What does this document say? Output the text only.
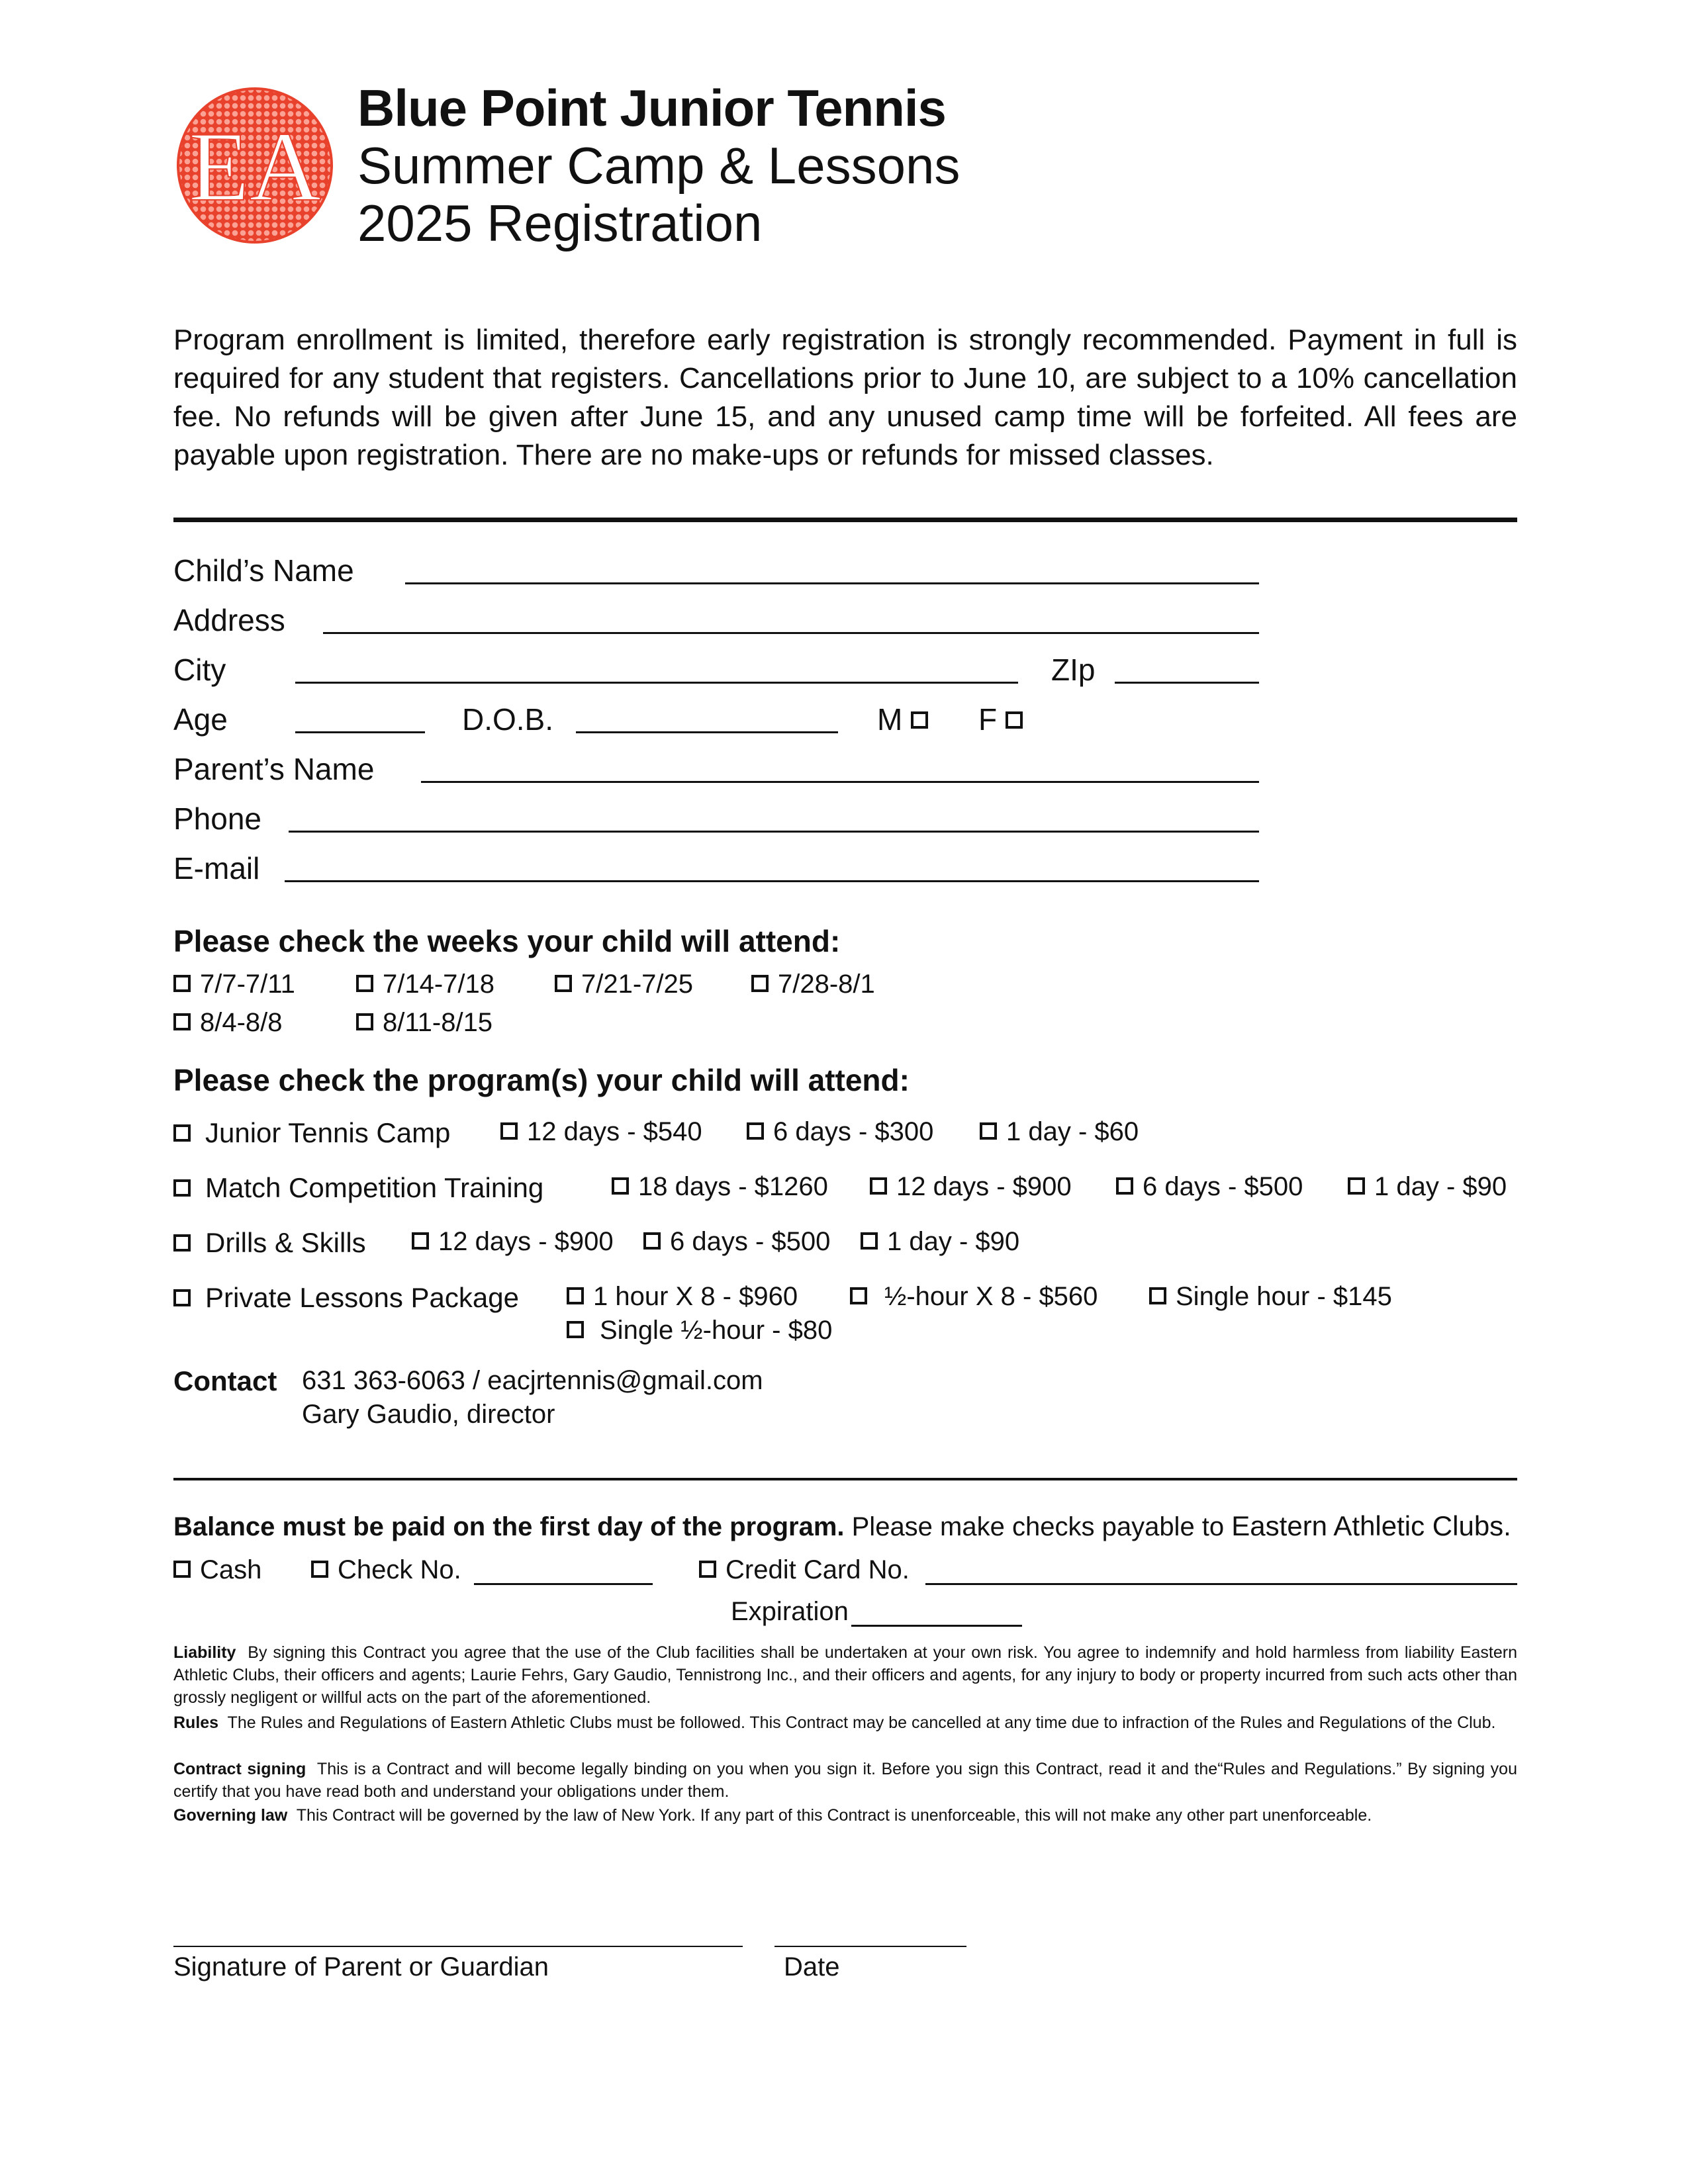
EA
Blue Point Junior Tennis
Summer Camp & Lessons
2025 Registration
Program enrollment is limited, therefore early registration is strongly recommended. Payment in full is required for any student that registers. Cancellations prior to June 10, are subject to a 10% cancellation fee. No refunds will be given after June 15, and any unused camp time will be forfeited. All fees are payable upon registration. There are no make-ups or refunds for missed classes.
Child’s Name
Address
City	ZIp
Age	D.O.B.	M	F
Parent’s Name
Phone
E-mail
Please check the weeks your child will attend:
7/7-7/11	7/14-7/18	7/21-7/25	7/28-8/1
8/4-8/8	8/11-8/15
Please check the program(s) your child will attend:
Junior Tennis Camp	12 days - $540	6 days - $300	1 day - $60
Match Competition Training	18 days - $1260	12 days - $900	6 days - $500	1 day - $90
Drills & Skills	12 days - $900	6 days - $500	1 day - $90
Private Lessons Package	1 hour X 8 - $960	½-hour X 8 - $560	Single hour - $145
Single ½-hour - $80
Contact 631 363-6063 / eacjrtennis@gmail.com
Gary Gaudio, director
Balance must be paid on the first day of the program. Please make checks payable to Eastern Athletic Clubs.
Cash	Check No.	Credit Card No.
Expiration
Liability By signing this Contract you agree that the use of the Club facilities shall be undertaken at your own risk. You agree to indemnify and hold harmless from liability Eastern Athletic Clubs, their officers and agents; Laurie Fehrs, Gary Gaudio, Tennistrong Inc., and their officers and agents, for any injury to body or property incurred from such acts other than grossly negligent or willful acts on the part of the aforementioned.
Rules The Rules and Regulations of Eastern Athletic Clubs must be followed. This Contract may be cancelled at any time due to infraction of the Rules and Regulations of the Club.
Contract signing This is a Contract and will become legally binding on you when you sign it. Before you sign this Contract, read it and the“Rules and Regulations.” By signing you certify that you have read both and understand your obligations under them.
Governing law This Contract will be governed by the law of New York. If any part of this Contract is unenforceable, this will not make any other part unenforceable.
Signature of Parent or Guardian	Date
